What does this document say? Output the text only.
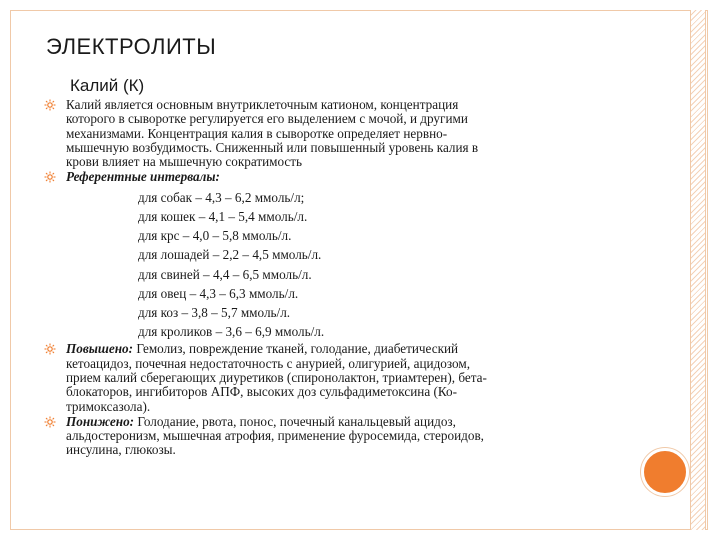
ЭЛЕКТРОЛИТЫ
Калий (К)
Калий является основным внутриклеточным катионом, концентрация
которого в сыворотке регулируется его выделением с мочой, и другими
механизмами. Концентрация калия в сыворотке определяет нервно-
мышечную возбудимость. Сниженный или повышенный уровень калия в
крови влияет на мышечную сократимость
Референтные интервалы:
для собак – 4,3 – 6,2 ммоль/л;
для кошек – 4,1 – 5,4 ммоль/л.
для крс – 4,0 – 5,8 ммоль/л.
для лошадей – 2,2 – 4,5 ммоль/л.
для свиней – 4,4 – 6,5 ммоль/л.
для овец – 4,3 – 6,3 ммоль/л.
для коз – 3,8 – 5,7 ммоль/л.
для кроликов – 3,6 – 6,9 ммоль/л.
Повышено: Гемолиз, повреждение тканей, голодание, диабетический
кетоацидоз, почечная недостаточность с анурией, олигурией, ацидозом,
прием калий сберегающих диуретиков (спиронолактон, триамтерен), бета-
блокаторов, ингибиторов АПФ, высоких доз сульфадиметоксина (Ко-
тримоксазола).
Понижено: Голодание, рвота, понос, почечный канальцевый ацидоз,
альдостеронизм, мышечная атрофия, применение фуросемида, стероидов,
инсулина, глюкозы.
